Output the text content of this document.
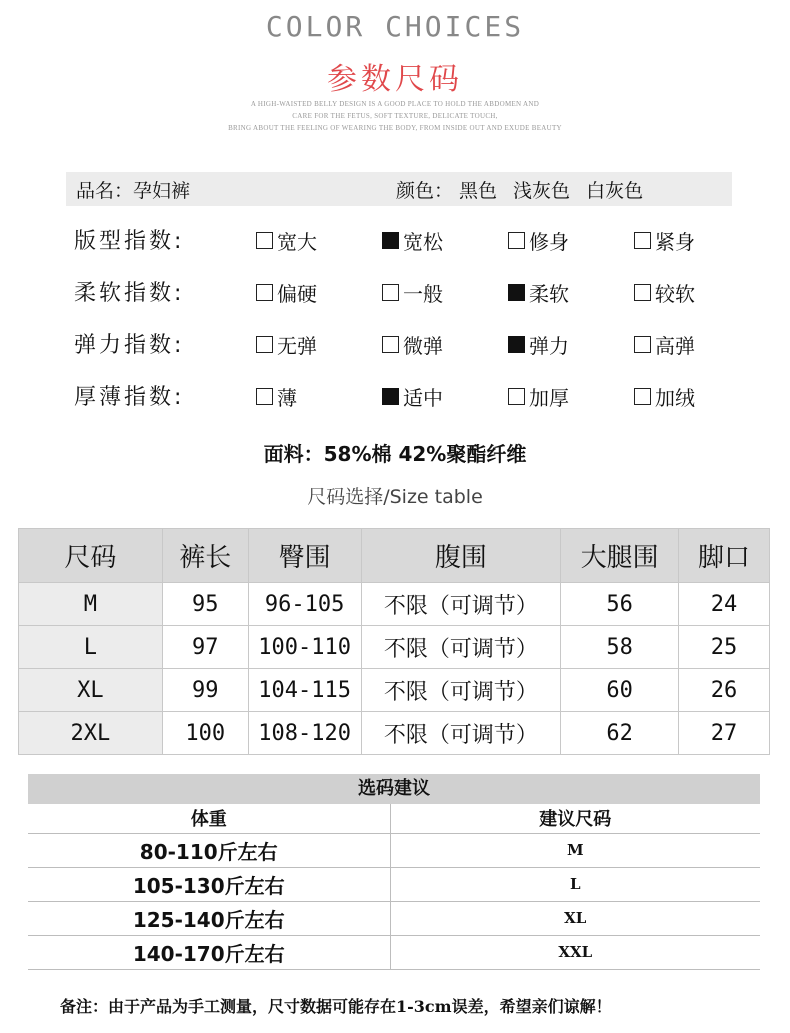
COLOR CHOICES
参数尺码
A HIGH-WAISTED BELLY DESIGN IS A GOOD PLACE TO HOLD THE ABDOMEN AND
CARE FOR THE FETUS, SOFT TEXTURE, DELICATE TOUCH,
BRING ABOUT THE FEELING OF WEARING THE BODY, FROM INSIDE OUT AND EXUDE BEAUTY
品名：孕妇裤	颜色： 黑色 浅灰色 白灰色
版型指数:	宽大	宽松	修身	紧身
柔软指数:	偏硬	一般	柔软	较软
弹力指数:	无弹	微弹	弹力	高弹
厚薄指数:	薄	适中	加厚	加绒
面料：58%棉 42%聚酯纤维
尺码选择/Size table
尺码	裤长	臀围	腹围	大腿围	脚口
M	95	96-105	不限（可调节）	56	24
L	97	100-110	不限（可调节）	58	25
XL	99	104-115	不限（可调节）	60	26
2XL	100	108-120	不限（可调节）	62	27
选码建议
体重	建议尺码
80-110斤左右	M
105-130斤左右	L
125-140斤左右	XL
140-170斤左右	XXL
备注：由于产品为手工测量，尺寸数据可能存在1-3cm误差，希望亲们谅解！
